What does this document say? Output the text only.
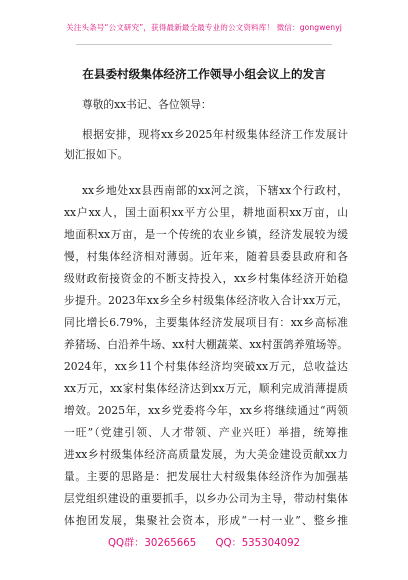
关注头条号“公文研究”，获得最新最全最专业的公文资料库！ 微信：gongwenyj
在县委村级集体经济工作领导小组会议上的发言
尊敬的xx书记、各位领导：
根据安排，现将xx乡2025年村级集体经济工作发展计
划汇报如下。
xx乡地处xx县西南部的xx河之滨，下辖xx个行政村，
xx户xx人，国土面积xx平方公里，耕地面积xx万亩，山
地面积xx万亩，是一个传统的农业乡镇，经济发展较为缓
慢，村集体经济相对薄弱。近年来，随着县委县政府和各
级财政衔接资金的不断支持投入，xx乡村集体经济开始稳
步提升。2023年xx乡全乡村级集体经济收入合计xx万元，
同比增长6.79%，主要集体经济发展项目有：xx乡高标准
养猪场、白沿养牛场、xx村大棚蔬菜、xx村蛋鸽养殖场等。
2024年，xx乡11个村集体经济均突破xx万元，总收益达
xx万元，xx家村集体经济达到xx万元，顺利完成消薄提质
增效。2025年，xx乡党委将今年，xx乡将继续通过“两领
一旺”（党建引领、人才带领、产业兴旺）举措，统筹推
进xx乡村级集体经济高质量发展，为大美金建设贡献xx力
量。主要的思路是：把发展壮大村级集体经济作为加强基
层党组织建设的重要抓手，以乡办公司为主导，带动村集体
体抱团发展，集聚社会资本，形成“一村一业”、整乡推
QQ群：30265665 QQ：535304092
